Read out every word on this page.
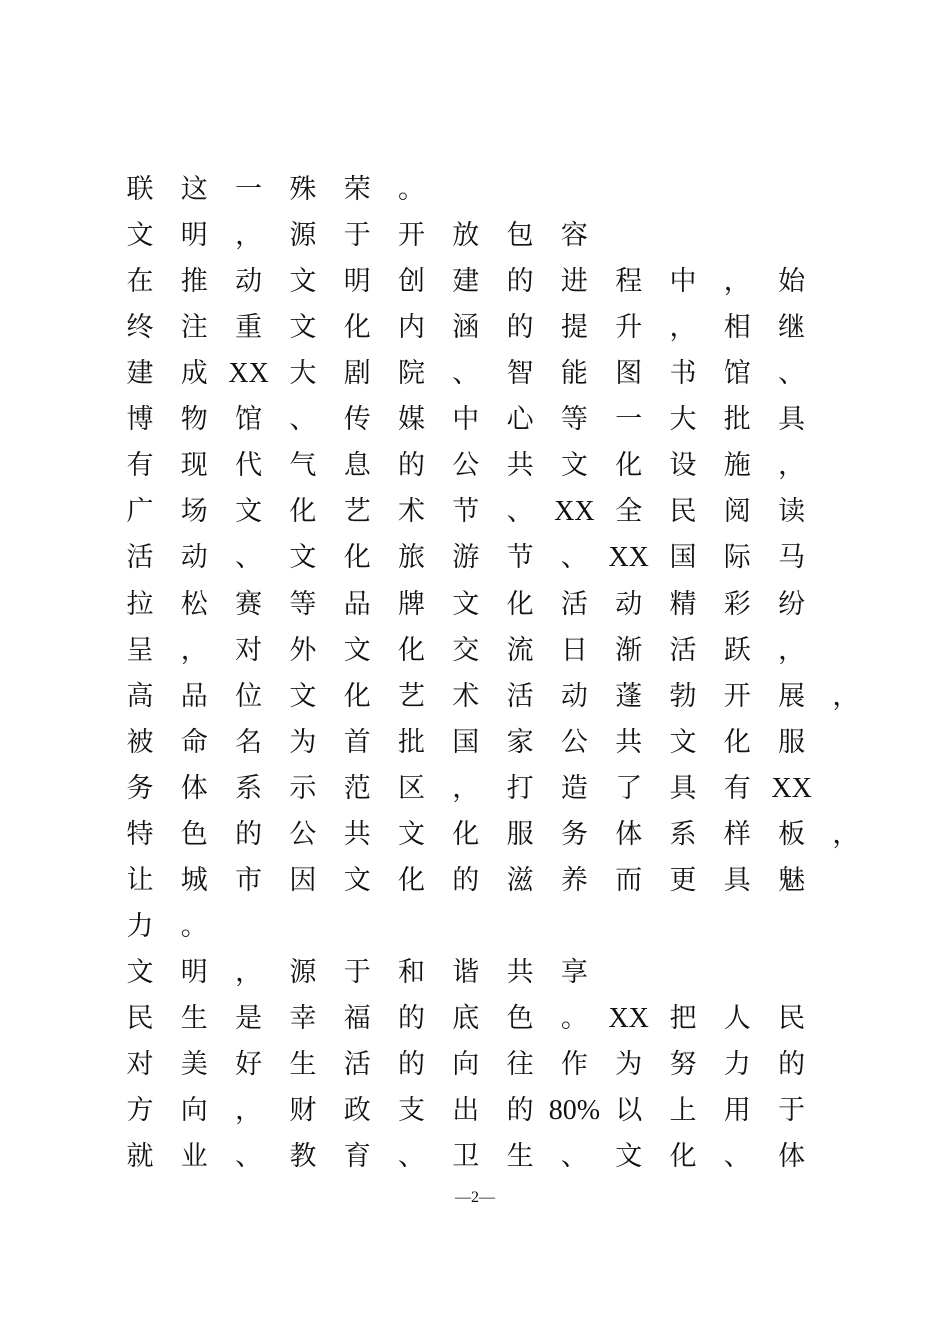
联 这 一 殊 荣 。
文 明 ， 源 于 开 放 包 容
在 推 动 文 明 创 建 的 进 程 中 ， 始
终 注 重 文 化 内 涵 的 提 升 ， 相 继
建 成 XX 大 剧 院 、 智 能 图 书 馆 、
博 物 馆 、 传 媒 中 心 等 一 大 批 具
有 现 代 气 息 的 公 共 文 化 设 施 ，
广 场 文 化 艺 术 节 、 XX 全 民 阅 读
活 动 、 文 化 旅 游 节 、 XX 国 际 马
拉 松 赛 等 品 牌 文 化 活 动 精 彩 纷
呈 ， 对 外 文 化 交 流 日 渐 活 跃 ，
高 品 位 文 化 艺 术 活 动 蓬 勃 开 展 ，
被 命 名 为 首 批 国 家 公 共 文 化 服
务 体 系 示 范 区 ， 打 造 了 具 有 XX
特 色 的 公 共 文 化 服 务 体 系 样 板 ，
让 城 市 因 文 化 的 滋 养 而 更 具 魅
力 。
文 明 ， 源 于 和 谐 共 享
民 生 是 幸 福 的 底 色 。 XX 把 人 民
对 美 好 生 活 的 向 往 作 为 努 力 的
方 向 ， 财 政 支 出 的 80% 以 上 用 于
就 业 、 教 育 、 卫 生 、 文 化 、 体
—2—
